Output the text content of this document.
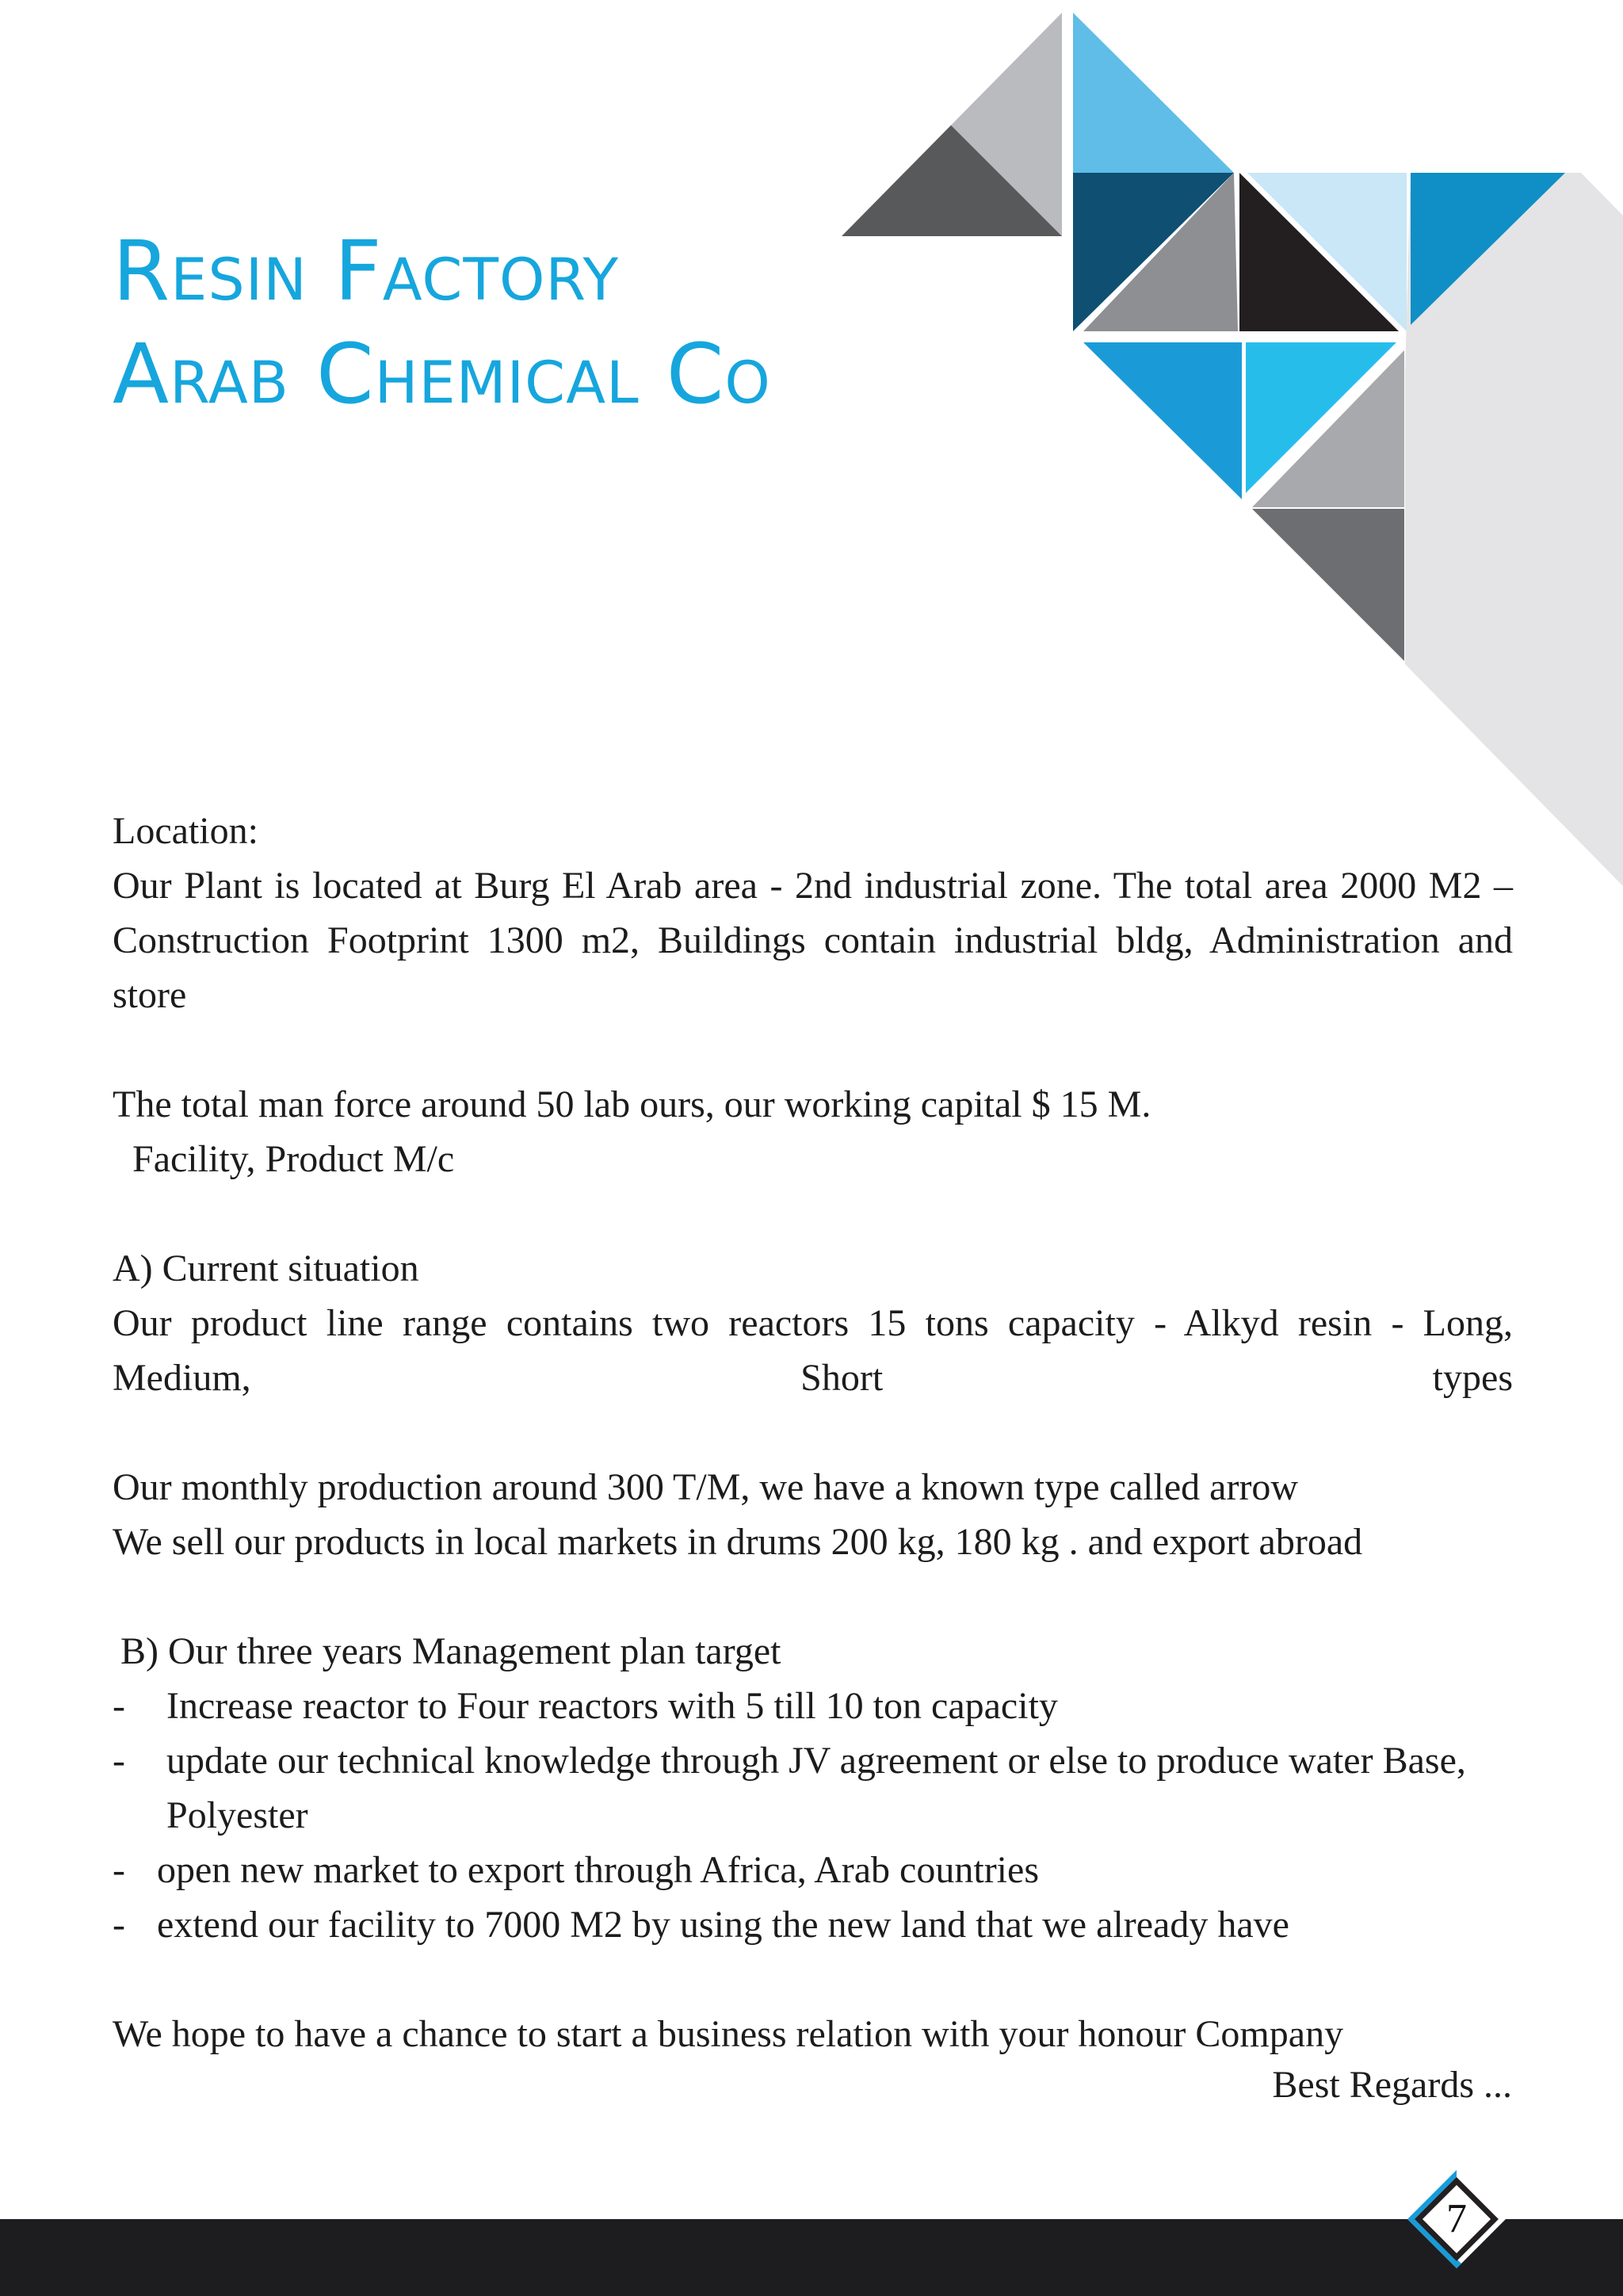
Resin Factory
Arab Chemical Co

Location:

Our Plant is located at Burg El Arab area - 2nd industrial zone. The total area 2000 M2 – Construction Footprint 1300 m2, Buildings contain industrial bldg, Administration and store

The total man force around 50 lab ours, our working capital $ 15 M.

Facility, Product M/c

A) Current situation

Our product line range contains two reactors 15 tons capacity - Alkyd resin - Long, Medium, Short types

Our monthly production around 300 T/M, we have a known type called arrow

We sell our products in local markets in drums 200 kg, 180 kg . and export abroad

B) Our three years Management plan target

- Increase reactor to Four reactors with 5 till 10 ton capacity
- update our technical knowledge through JV agreement or else to produce water Base, Polyester
- open new market to export through Africa, Arab countries
- extend our facility to 7000 M2 by using the new land that we already have

We hope to have a chance to start a business relation with your honour Company

Best Regards ...

7
